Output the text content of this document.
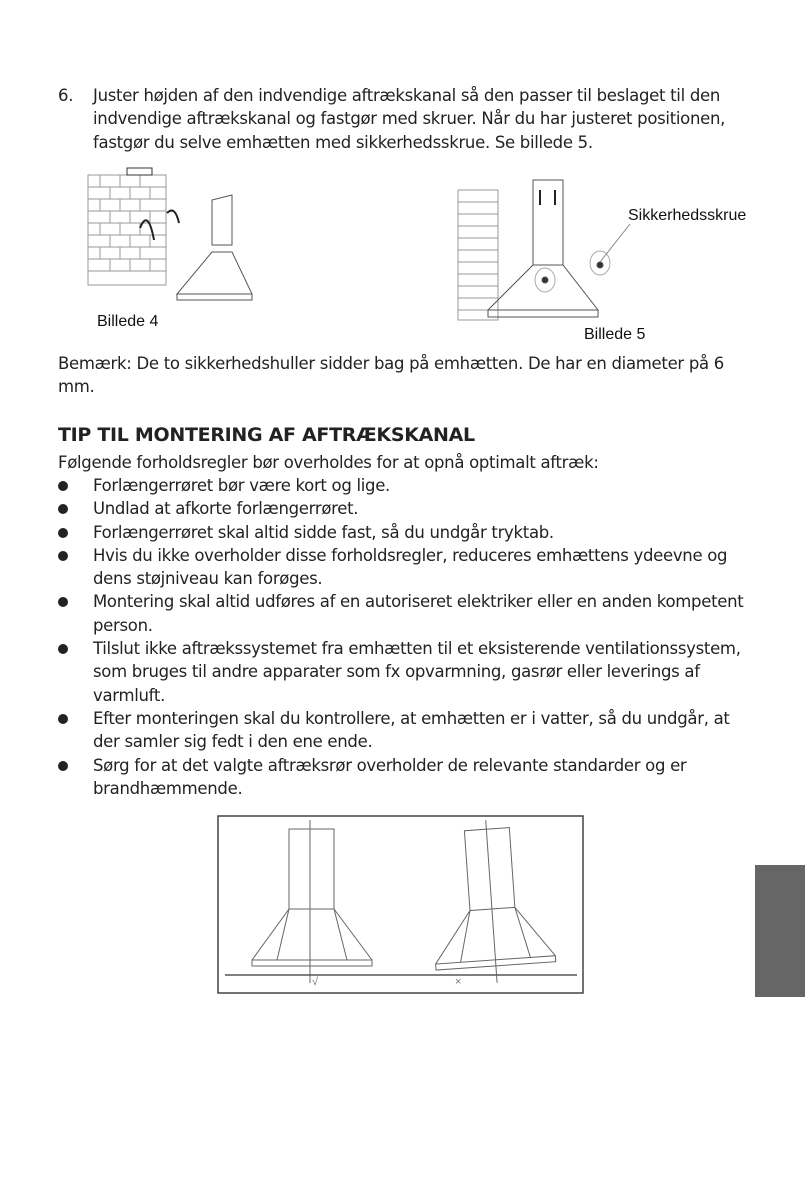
6. Juster højden af den indvendige aftrækskanal så den passer til beslaget til den indvendige aftrækskanal og fastgør med skruer. Når du har justeret positionen, fastgør du selve emhætten med sikkerhedsskrue. Se billede 5.
Billede 4
Sikkerhedsskrue
Billede 5
Bemærk: De to sikkerhedshuller sidder bag på emhætten. De har en diameter på 6 mm.
TIP TIL MONTERING AF AFTRÆKSKANAL
Følgende forholdsregler bør overholdes for at opnå optimalt aftræk:
Forlængerrøret bør være kort og lige.
Undlad at afkorte forlængerrøret.
Forlængerrøret skal altid sidde fast, så du undgår tryktab.
Hvis du ikke overholder disse forholdsregler, reduceres emhættens ydeevne og dens støjniveau kan forøges.
Montering skal altid udføres af en autoriseret elektriker eller en anden kompetent person.
Tilslut ikke aftrækssystemet fra emhætten til et eksisterende ventilationssystem, som bruges til andre apparater som fx opvarmning, gasrør eller leverings af varmluft.
Efter monteringen skal du kontrollere, at emhætten er i vatter, så du undgår, at der samler sig fedt i den ene ende.
Sørg for at det valgte aftræksrør overholder de relevante standarder og er brandhæmmende.
√	×
